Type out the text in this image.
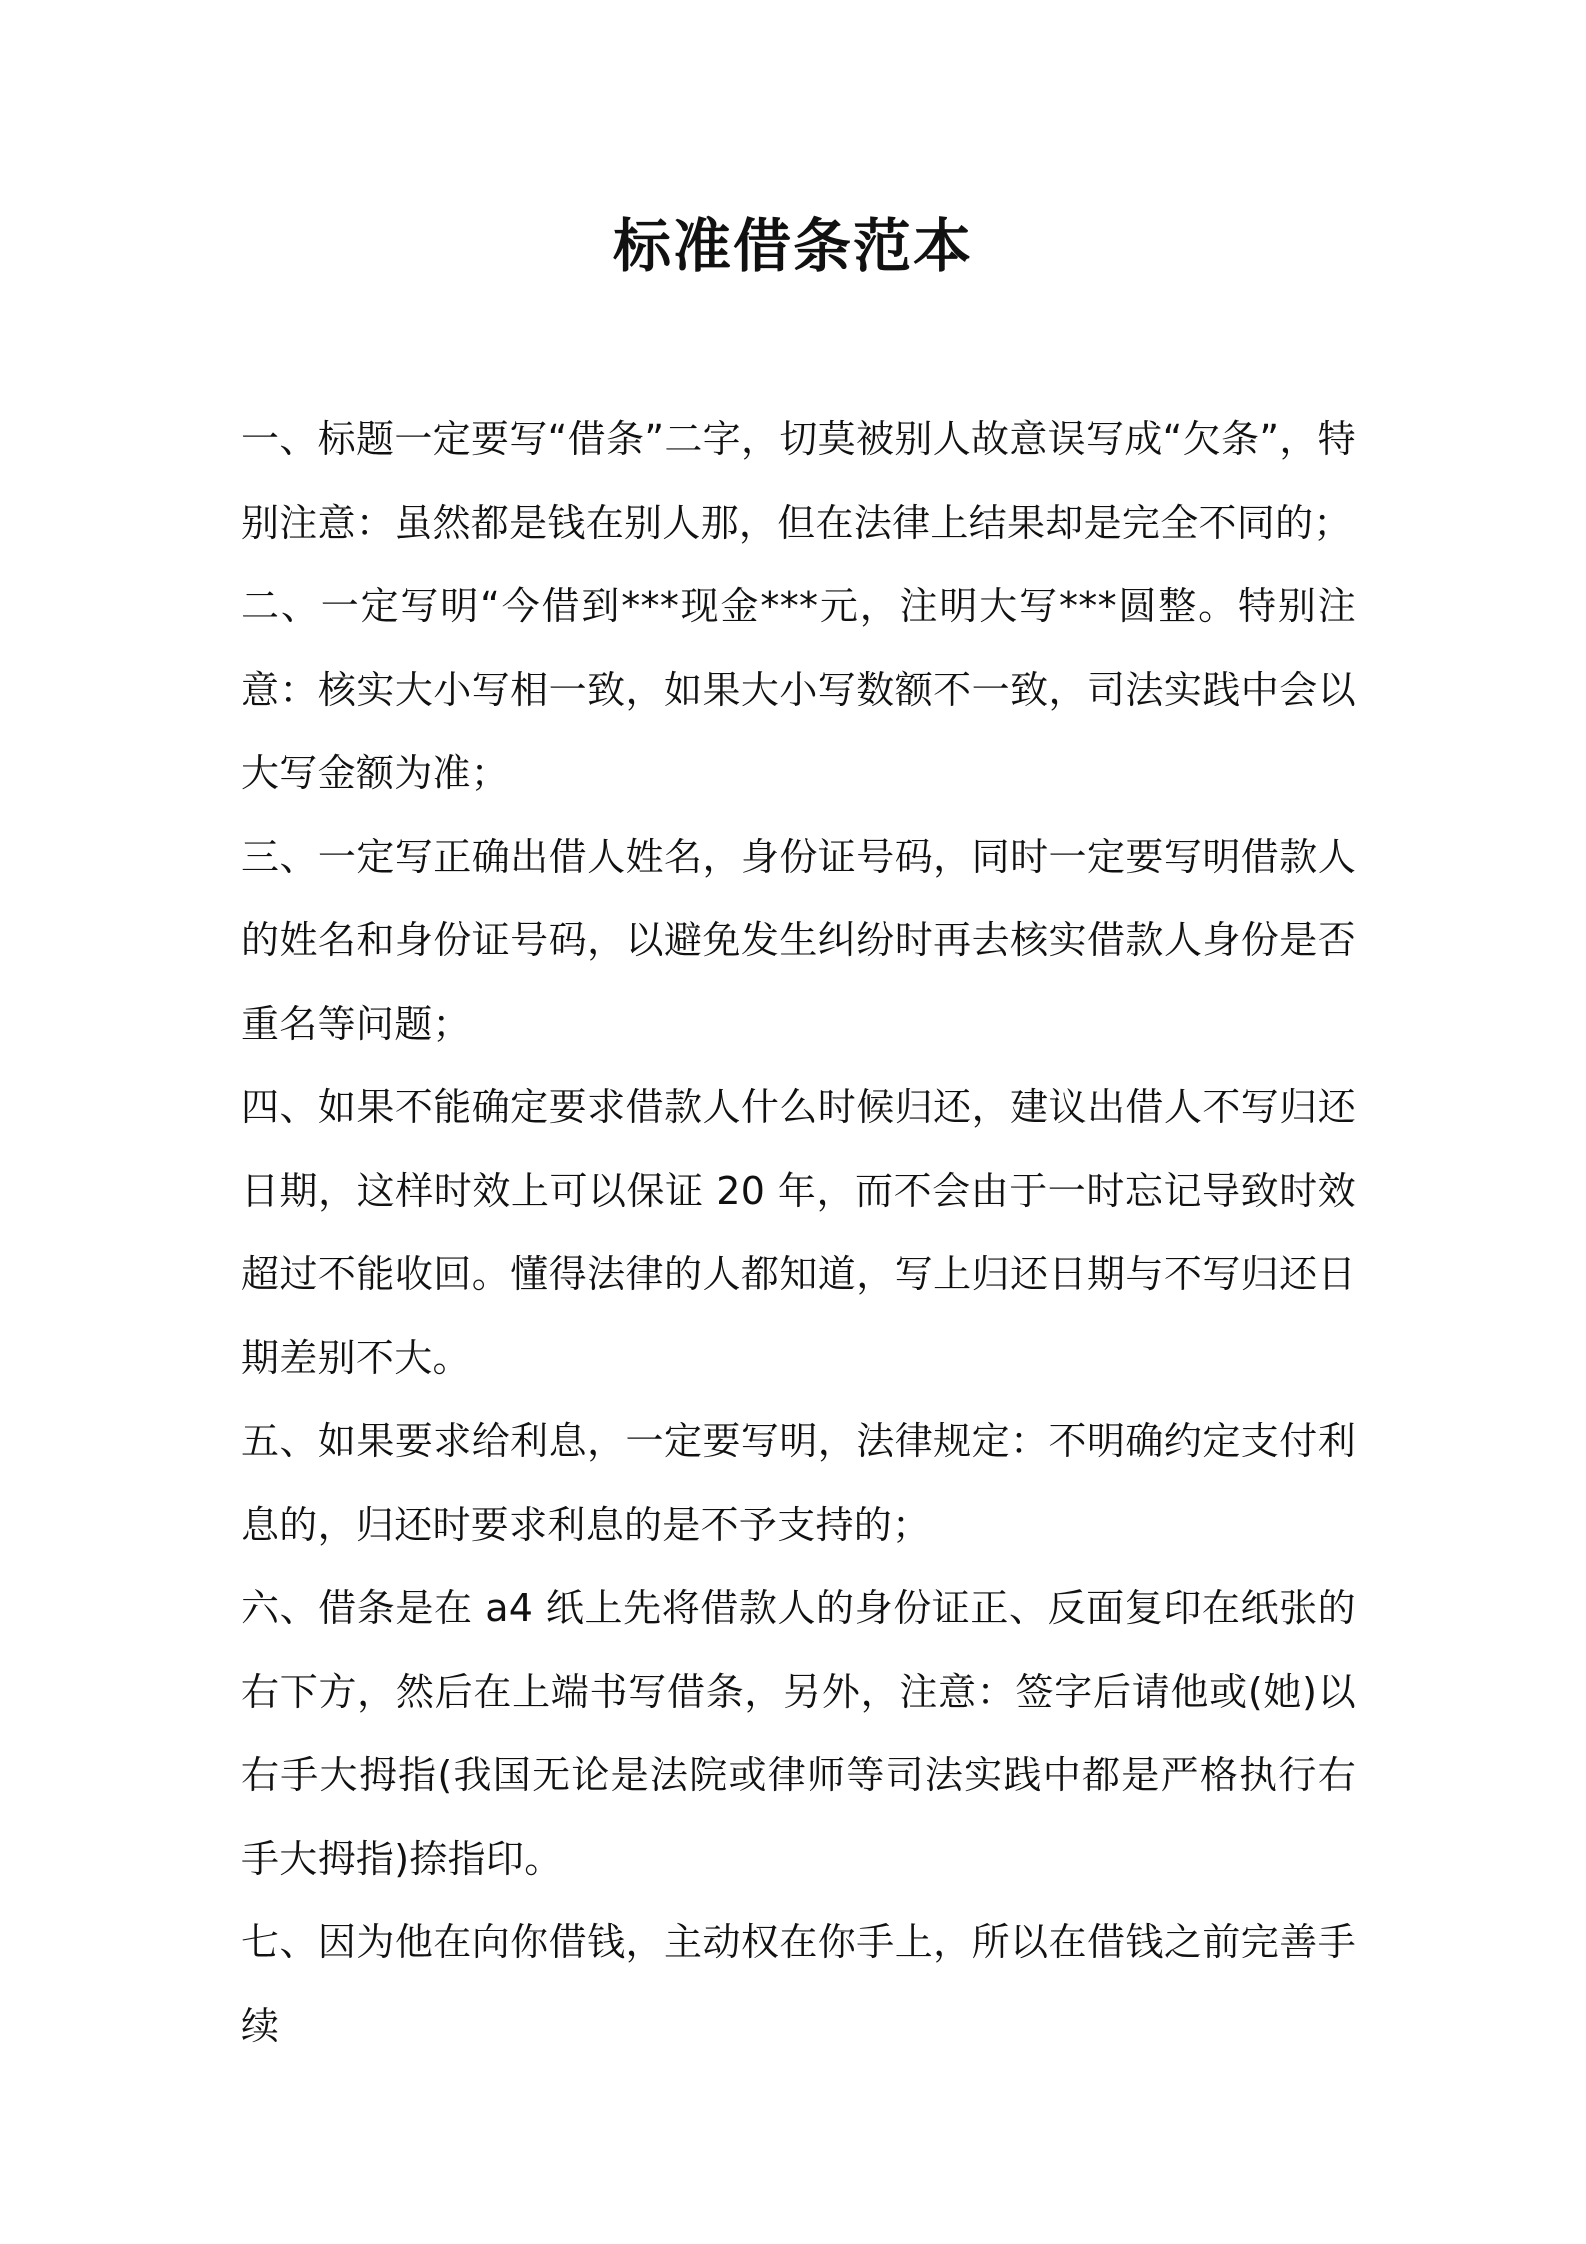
标准借条范本

一、标题一定要写“借条”二字，切莫被别人故意误写成“欠条”，特别注意：虽然都是钱在别人那，但在法律上结果却是完全不同的；

二、一定写明“今借到***现金***元，注明大写***圆整。特别注意：核实大小写相一致，如果大小写数额不一致，司法实践中会以大写金额为准；

三、一定写正确出借人姓名，身份证号码，同时一定要写明借款人的姓名和身份证号码，以避免发生纠纷时再去核实借款人身份是否重名等问题；

四、如果不能确定要求借款人什么时候归还，建议出借人不写归还日期，这样时效上可以保证 20 年，而不会由于一时忘记导致时效超过不能收回。懂得法律的人都知道，写上归还日期与不写归还日期差别不大。

五、如果要求给利息，一定要写明，法律规定：不明确约定支付利息的，归还时要求利息的是不予支持的；

六、借条是在 a4 纸上先将借款人的身份证正、反面复印在纸张的右下方，然后在上端书写借条，另外，注意：签字后请他或(她)以右手大拇指(我国无论是法院或律师等司法实践中都是严格执行右手大拇指)捺指印。

七、因为他在向你借钱，主动权在你手上，所以在借钱之前完善手续
